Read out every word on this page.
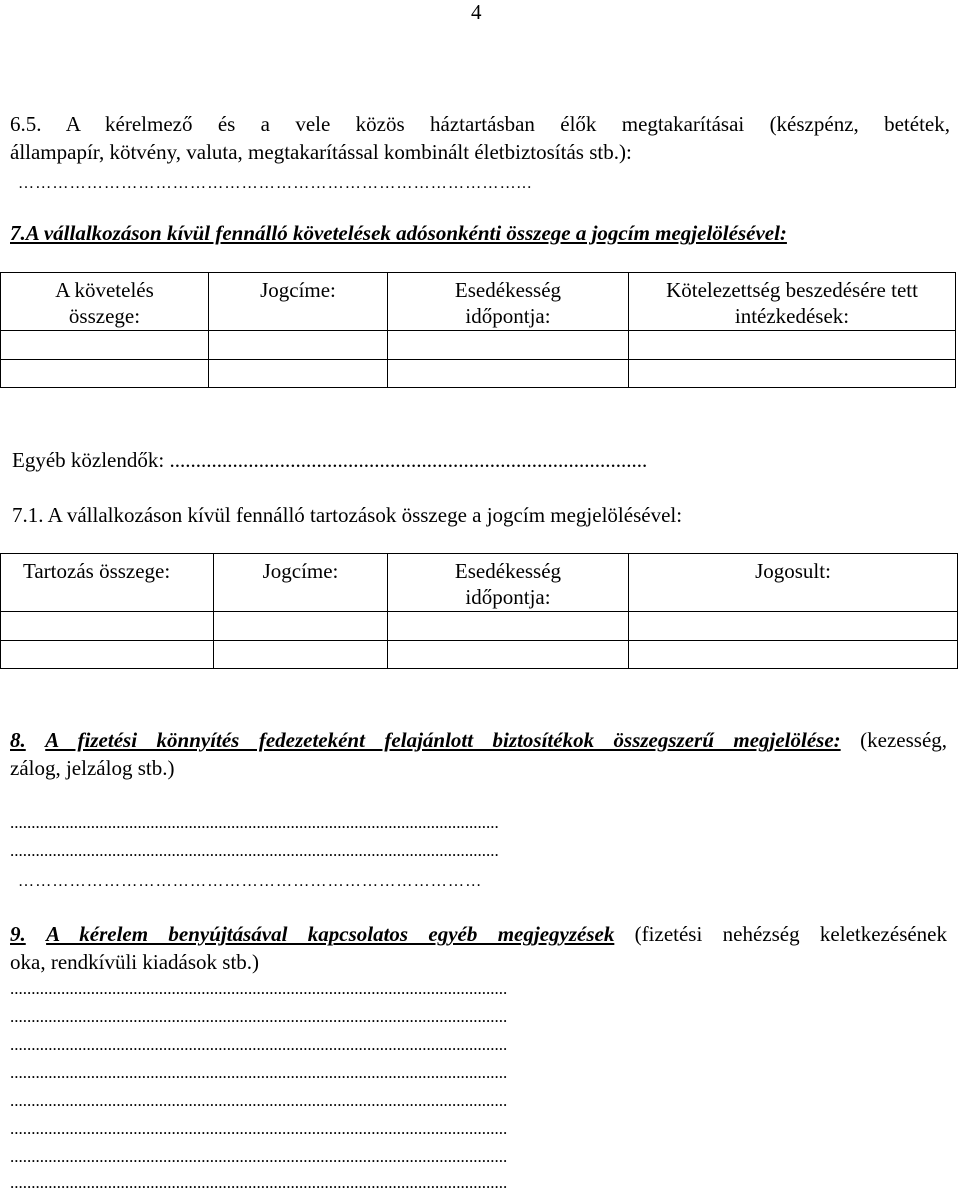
4
6.5. A kérelmező és a vele közös háztartásban élők megtakarításai (készpénz, betétek,
állampapír, kötvény, valuta, megtakarítással kombinált életbiztosítás stb.):
……………………………………………………………………………...
7.A vállalkozáson kívül fennálló követelések adósonkénti összege a jogcím megjelölésével:
A követelés összege:	Jogcíme:	Esedékesség időpontja:	Kötelezettség beszedésére tett intézkedések:

Egyéb közlendők: ...........................................................................................
7.1. A vállalkozáson kívül fennálló tartozások összege a jogcím megjelölésével:
Tartozás összege:	Jogcíme:	Esedékesség időpontja:	Jogosult:

8. A fizetési könnyítés fedezeteként felajánlott biztosítékok összegszerű megjelölése: (kezesség,
zálog, jelzálog stb.)
...................................................................................................................
...................................................................................................................
………………………………………………………………………
9. A kérelem benyújtásával kapcsolatos egyéb megjegyzések (fizetési nehézség keletkezésének
oka, rendkívüli kiadások stb.)
.....................................................................................................................
.....................................................................................................................
.....................................................................................................................
.....................................................................................................................
.....................................................................................................................
.....................................................................................................................
.....................................................................................................................
.....................................................................................................................
